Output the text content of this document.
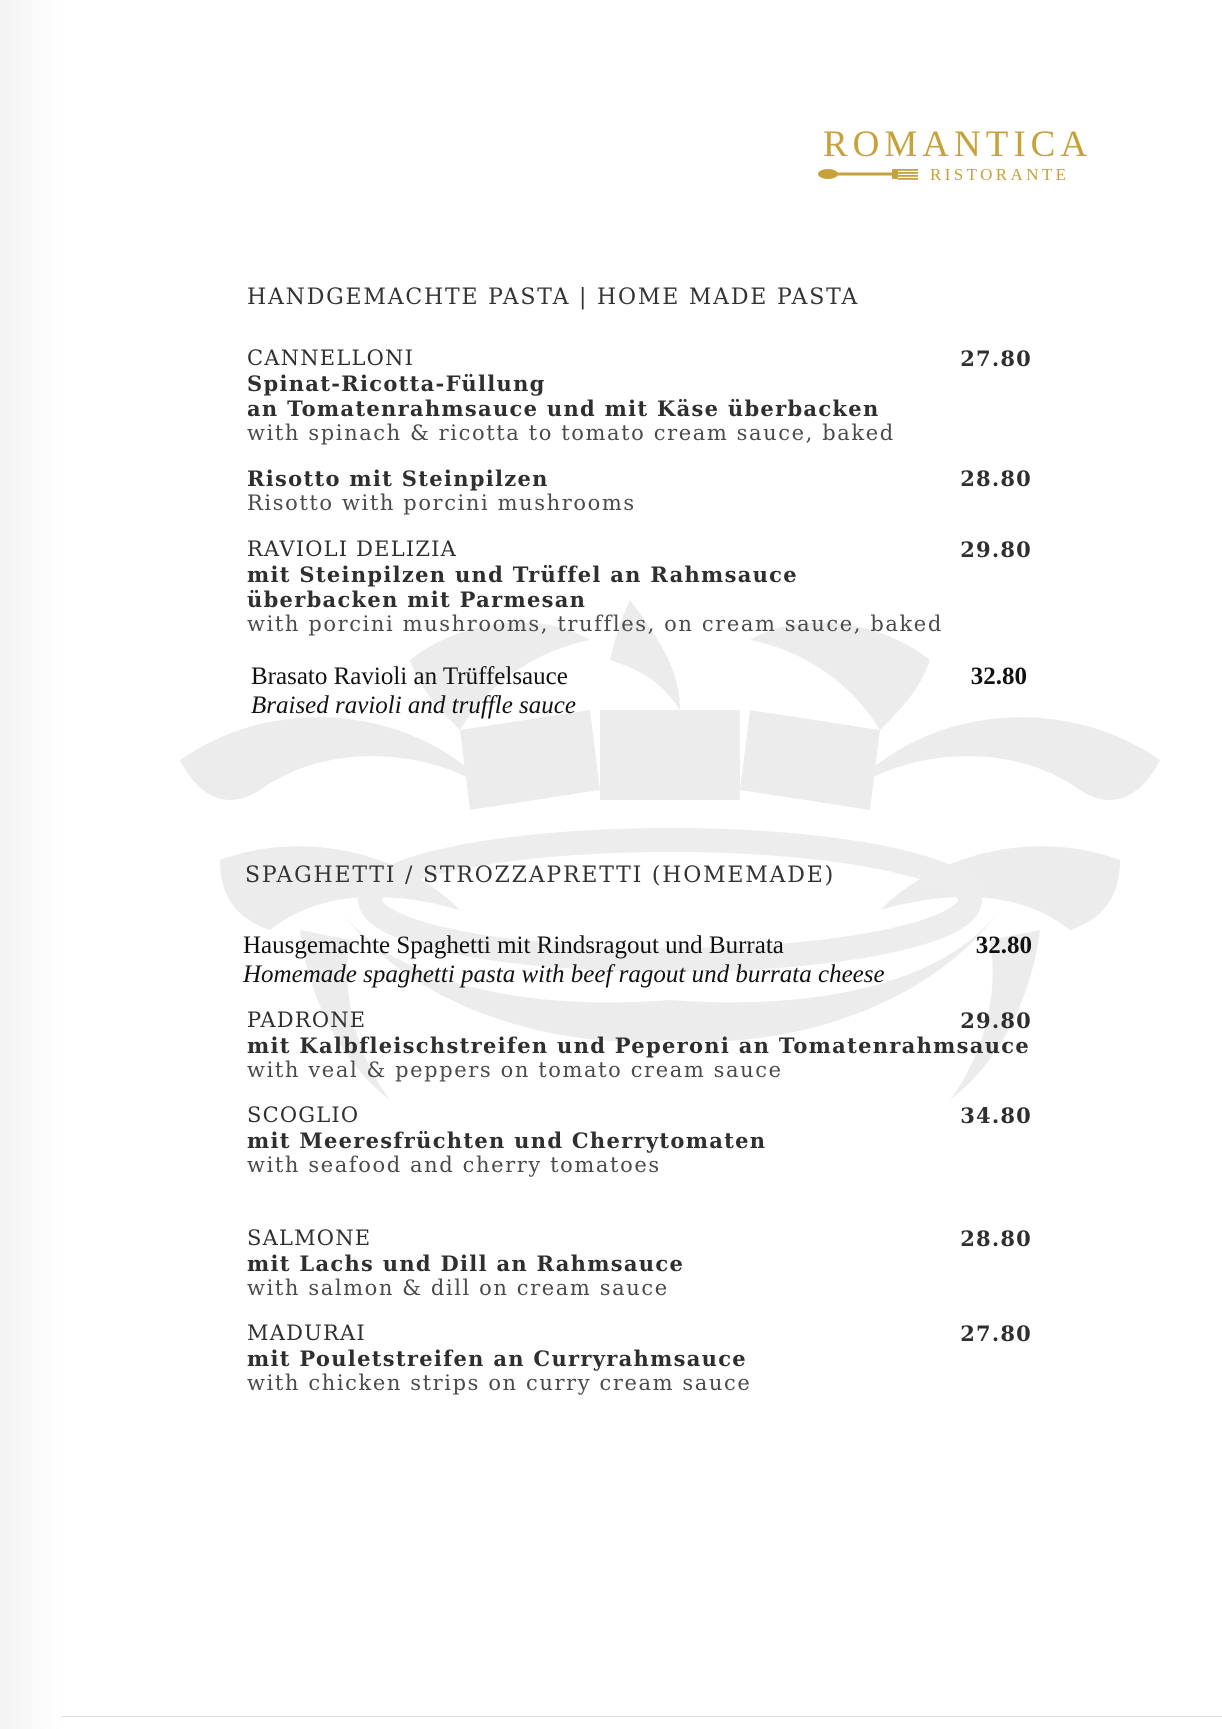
ROMANTICA
RISTORANTE
HANDGEMACHTE PASTA | HOME MADE PASTA
CANNELLONI
Spinat-Ricotta-Füllung
an Tomatenrahmsauce und mit Käse überbacken
with spinach & ricotta to tomato cream sauce, baked
27.80
Risotto mit Steinpilzen
Risotto with porcini mushrooms
28.80
RAVIOLI DELIZIA
mit Steinpilzen und Trüffel an Rahmsauce
überbacken mit Parmesan
with porcini mushrooms, truffles, on cream sauce, baked
29.80
Brasato Ravioli an Trüffelsauce
Braised ravioli and truffle sauce
32.80
SPAGHETTI / STROZZAPRETTI (HOMEMADE)
Hausgemachte Spaghetti mit Rindsragout und Burrata
Homemade spaghetti pasta with beef ragout und burrata cheese
32.80
PADRONE
mit Kalbfleischstreifen und Peperoni an Tomatenrahmsauce
with veal & peppers on tomato cream sauce
29.80
SCOGLIO
mit Meeresfrüchten und Cherrytomaten
with seafood and cherry tomatoes
34.80
SALMONE
mit Lachs und Dill an Rahmsauce
with salmon & dill on cream sauce
28.80
MADURAI
mit Pouletstreifen an Curryrahmsauce
with chicken strips on curry cream sauce
27.80
